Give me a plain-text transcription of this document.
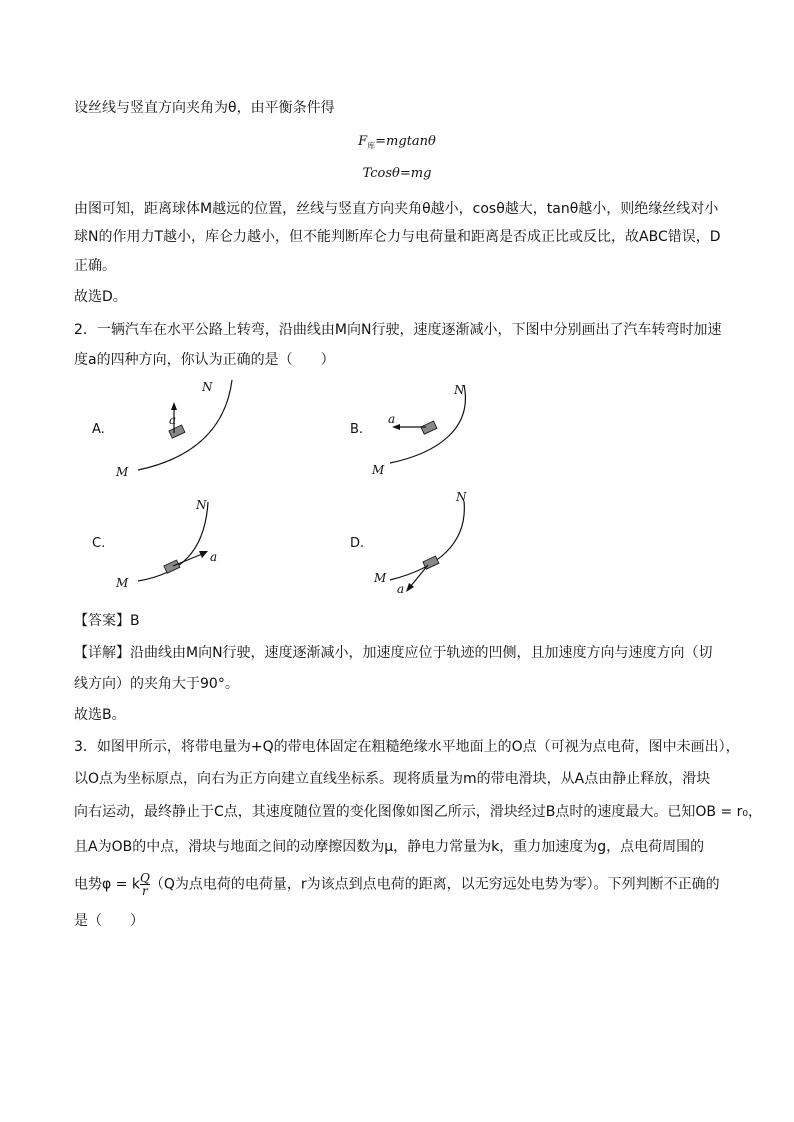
设丝线与竖直方向夹角为θ，由平衡条件得
$F_库=mgtan\theta$
Tcosθ=mg
由图可知，距离球体M越远的位置，丝线与竖直方向夹角θ越小，cosθ越大，tanθ越小，则绝缘丝线对小
球N的作用力T越小，库仑力越小，但不能判断库仑力与电荷量和距离是否成正比或反比，故ABC错误，D
正确。
故选D。
2．一辆汽车在水平公路上转弯，沿曲线由M向N行驶，速度逐渐减小，下图中分别画出了汽车转弯时加速
度a的四种方向，你认为正确的是（　　）
A.
a
M
N
B.
a
M
N
C.
a
M
N
D.
a
M
N
【答案】B
【详解】沿曲线由M向N行驶，速度逐渐减小，加速度应位于轨迹的凹侧，且加速度方向与速度方向（切
线方向）的夹角大于90°。
故选B。
3．如图甲所示，将带电量为+Q的带电体固定在粗糙绝缘水平地面上的O点（可视为点电荷，图中未画出），
以O点为坐标原点，向右为正方向建立直线坐标系。现将质量为m的带电滑块，从A点由静止释放，滑块
向右运动，最终静止于C点，其速度随位置的变化图像如图乙所示，滑块经过B点时的速度最大。已知OB = r₀，
且A为OB的中点，滑块与地面之间的动摩擦因数为μ，静电力常量为k，重力加速度为g，点电荷周围的
电势φ = k $\frac{Q}{r} (Q$为点电荷的电荷量，r为该点到点电荷的距离，以无穷远处电势为零）。下列判断不正确的
是（　　）
